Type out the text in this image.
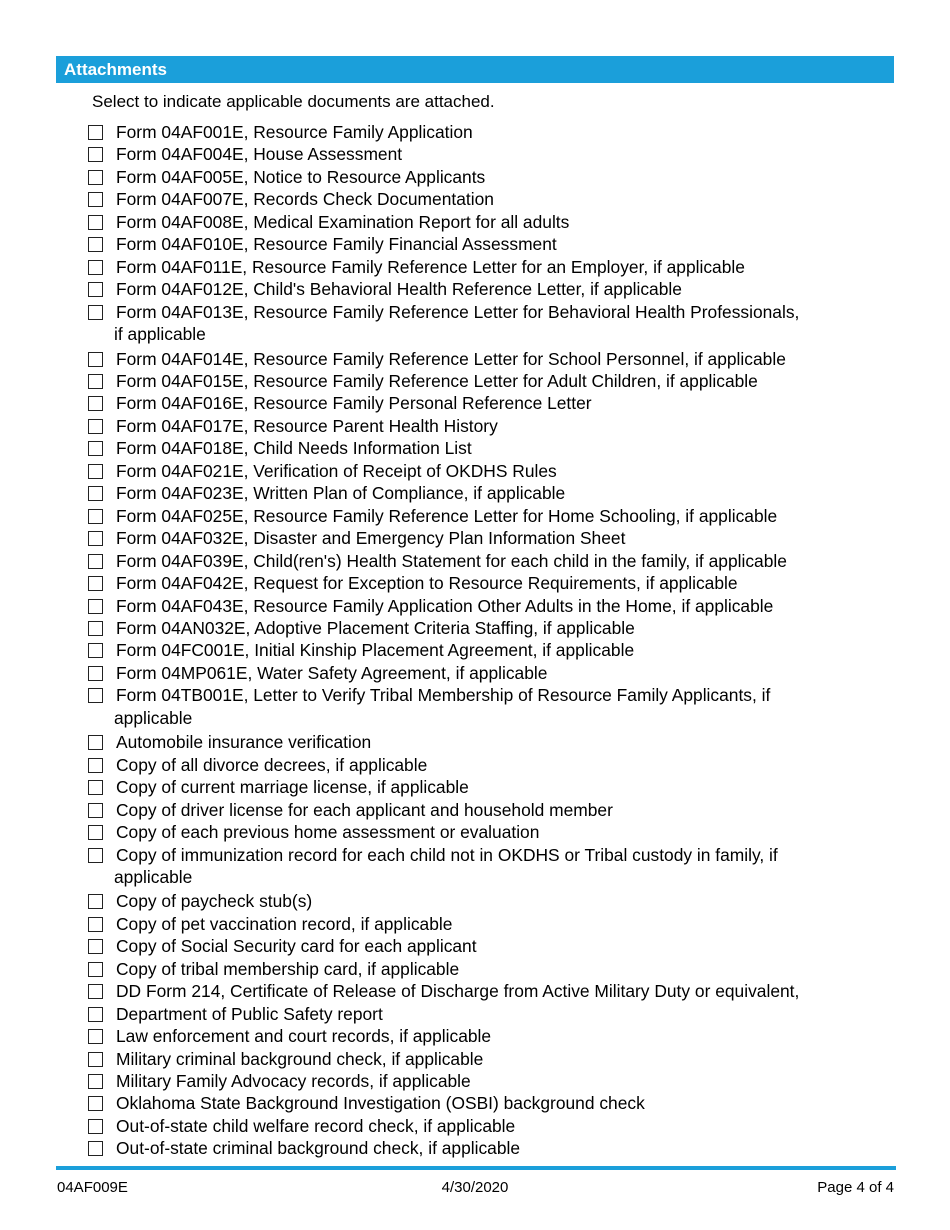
Attachments
Select to indicate applicable documents are attached.
Form 04AF001E, Resource Family Application
Form 04AF004E, House Assessment
Form 04AF005E, Notice to Resource Applicants
Form 04AF007E, Records Check Documentation
Form 04AF008E, Medical Examination Report for all adults
Form 04AF010E, Resource Family Financial Assessment
Form 04AF011E, Resource Family Reference Letter for an Employer, if applicable
Form 04AF012E, Child's Behavioral Health Reference Letter, if applicable
Form 04AF013E, Resource Family Reference Letter for Behavioral Health Professionals,
if applicable
Form 04AF014E, Resource Family Reference Letter for School Personnel, if applicable
Form 04AF015E, Resource Family Reference Letter for Adult Children, if applicable
Form 04AF016E, Resource Family Personal Reference Letter
Form 04AF017E, Resource Parent Health History
Form 04AF018E, Child Needs Information List
Form 04AF021E, Verification of Receipt of OKDHS Rules
Form 04AF023E, Written Plan of Compliance, if applicable
Form 04AF025E, Resource Family Reference Letter for Home Schooling, if applicable
Form 04AF032E, Disaster and Emergency Plan Information Sheet
Form 04AF039E, Child(ren's) Health Statement for each child in the family, if applicable
Form 04AF042E, Request for Exception to Resource Requirements, if applicable
Form 04AF043E, Resource Family Application Other Adults in the Home, if applicable
Form 04AN032E, Adoptive Placement Criteria Staffing, if applicable
Form 04FC001E, Initial Kinship Placement Agreement, if applicable
Form 04MP061E, Water Safety Agreement, if applicable
Form 04TB001E, Letter to Verify Tribal Membership of Resource Family Applicants, if
applicable
Automobile insurance verification
Copy of all divorce decrees, if applicable
Copy of current marriage license, if applicable
Copy of driver license for each applicant and household member
Copy of each previous home assessment or evaluation
Copy of immunization record for each child not in OKDHS or Tribal custody in family, if
applicable
Copy of paycheck stub(s)
Copy of pet vaccination record, if applicable
Copy of Social Security card for each applicant
Copy of tribal membership card, if applicable
DD Form 214, Certificate of Release of Discharge from Active Military Duty or equivalent,
Department of Public Safety report
Law enforcement and court records, if applicable
Military criminal background check, if applicable
Military Family Advocacy records, if applicable
Oklahoma State Background Investigation (OSBI) background check
Out-of-state child welfare record check, if applicable
Out-of-state criminal background check, if applicable
04AF009E	4/30/2020	Page 4 of 4
